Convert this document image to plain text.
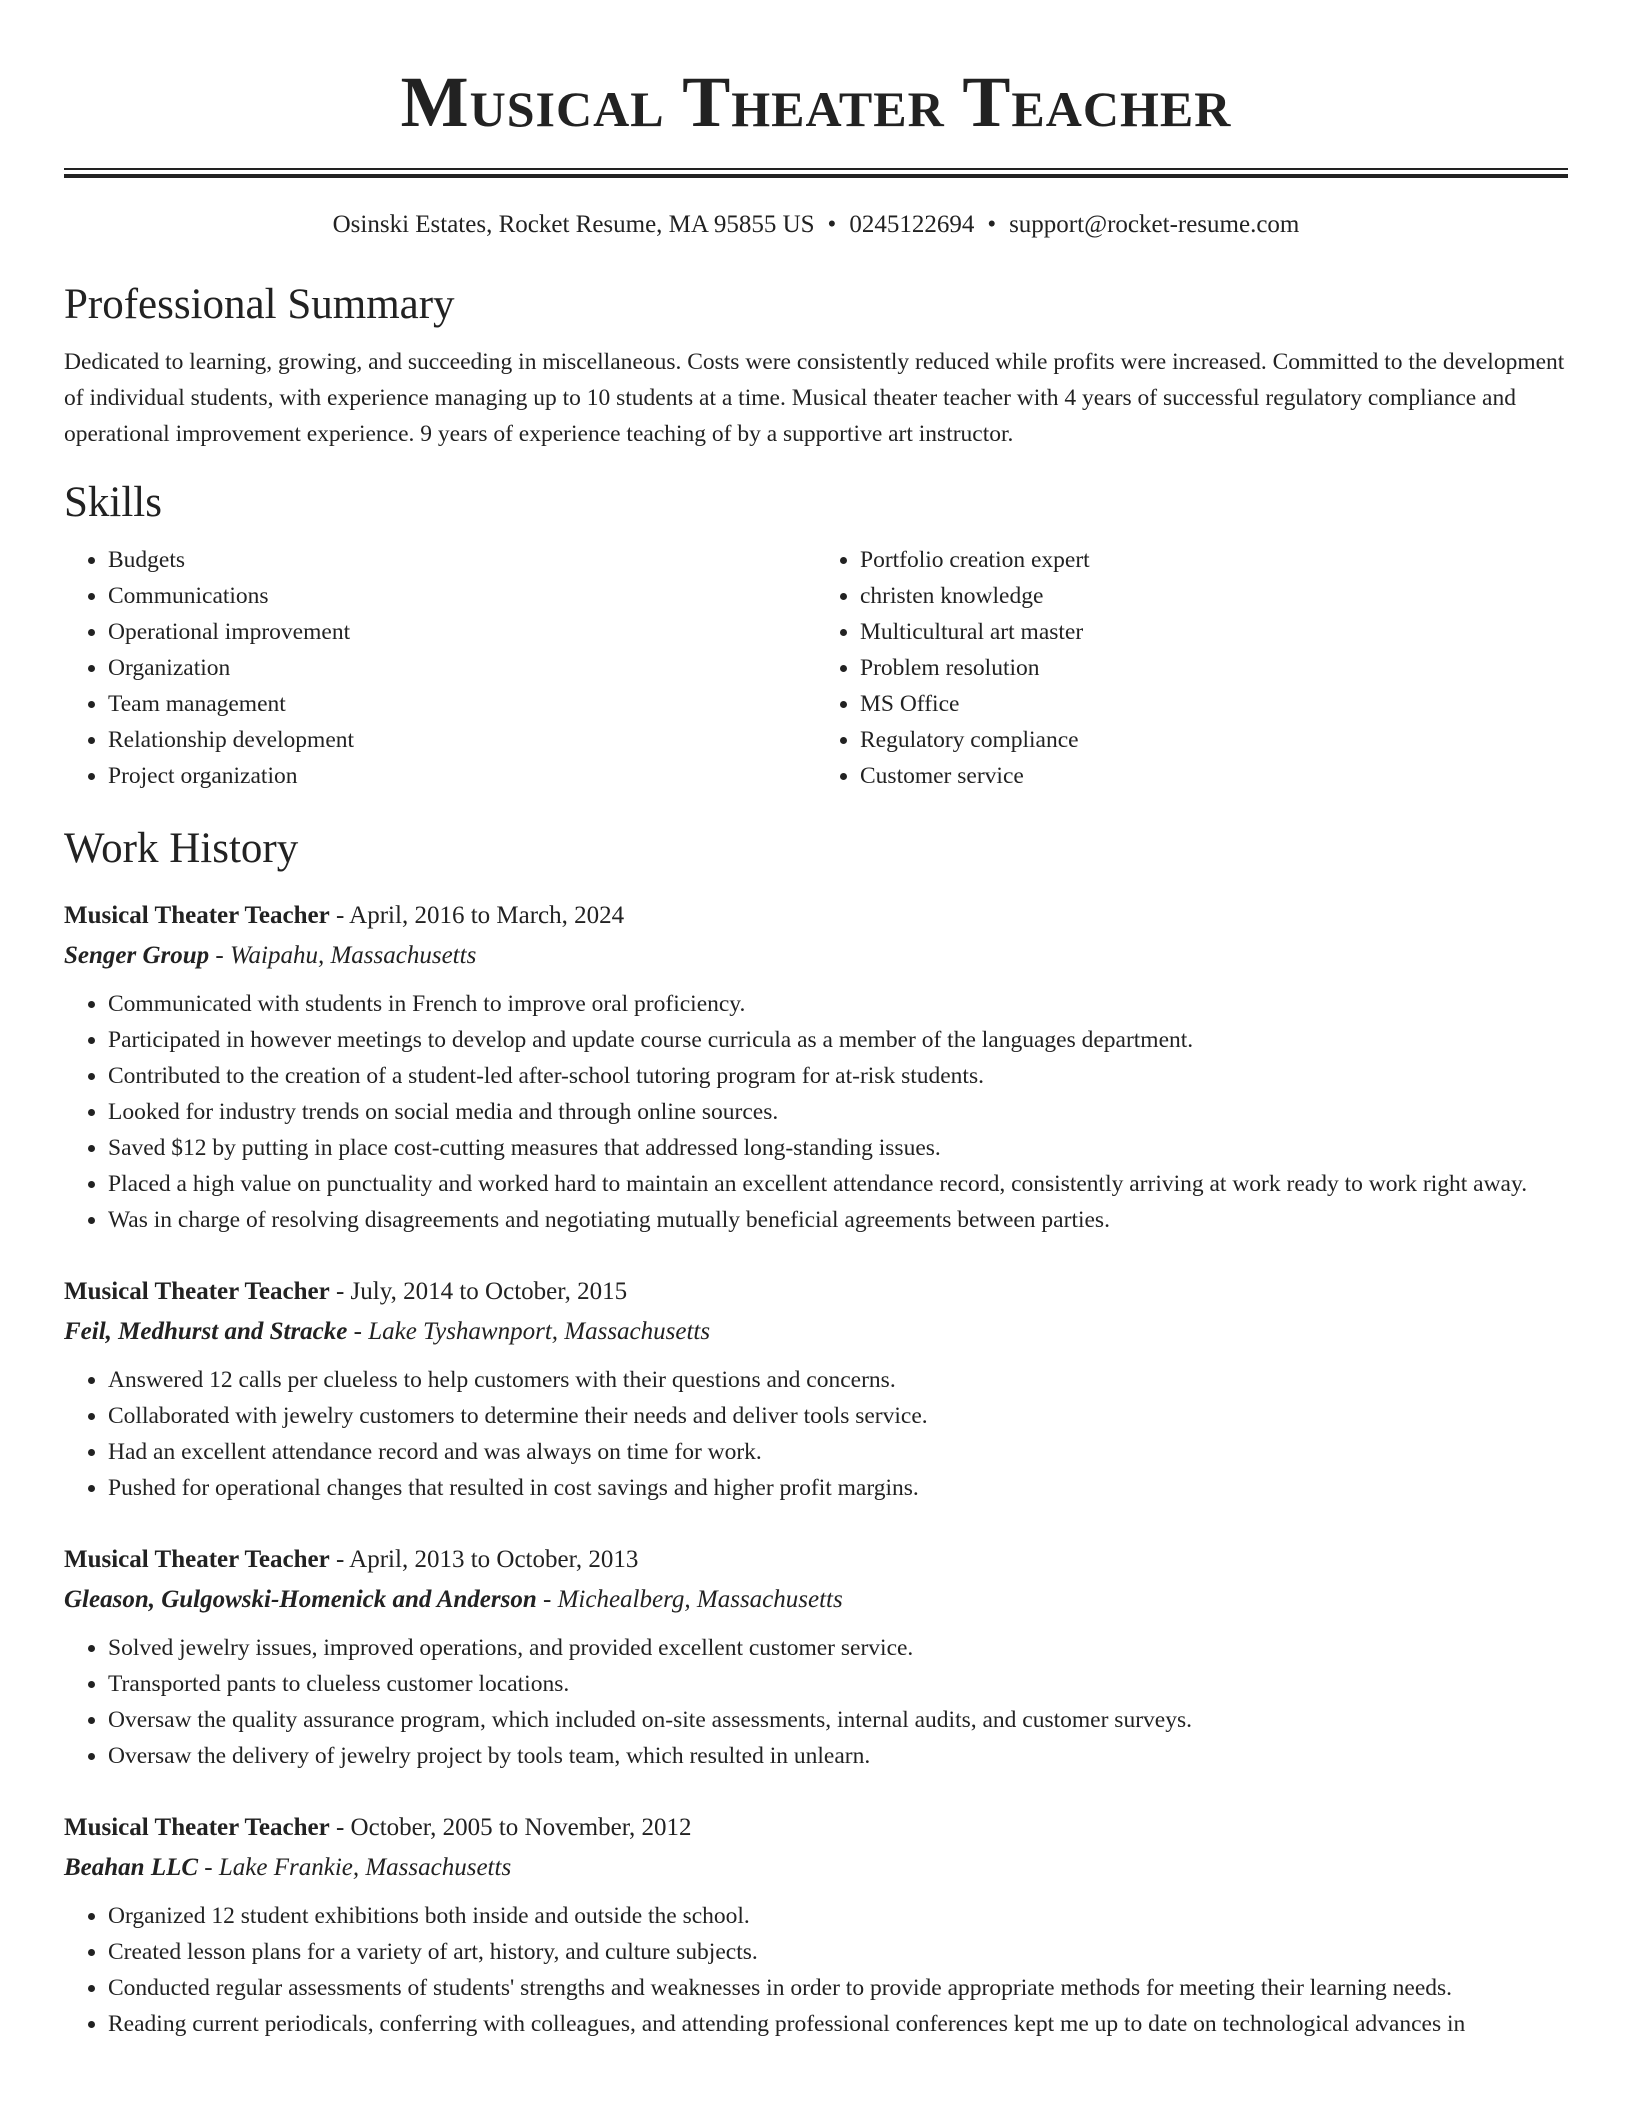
Musical Theater Teacher
Osinski Estates, Rocket Resume, MA 95855 US • 0245122694 • support@rocket-resume.com
Professional Summary

Dedicated to learning, growing, and succeeding in miscellaneous. Costs were consistently reduced while profits were increased. Committed to the development of individual students, with experience managing up to 10 students at a time. Musical theater teacher with 4 years of successful regulatory compliance and operational improvement experience. 9 years of experience teaching of by a supportive art instructor.

Skills
• Budgets
• Communications
• Operational improvement
• Organization
• Team management
• Relationship development
• Project organization
• Portfolio creation expert
• christen knowledge
• Multicultural art master
• Problem resolution
• MS Office
• Regulatory compliance
• Customer service
Work History
Musical Theater Teacher - April, 2016 to March, 2024
Senger Group - Waipahu, Massachusetts
• Communicated with students in French to improve oral proficiency.
• Participated in however meetings to develop and update course curricula as a member of the languages department.
• Contributed to the creation of a student-led after-school tutoring program for at-risk students.
• Looked for industry trends on social media and through online sources.
• Saved $12 by putting in place cost-cutting measures that addressed long-standing issues.
• Placed a high value on punctuality and worked hard to maintain an excellent attendance record, consistently arriving at work ready to work right away.
• Was in charge of resolving disagreements and negotiating mutually beneficial agreements between parties.
Musical Theater Teacher - July, 2014 to October, 2015
Feil, Medhurst and Stracke - Lake Tyshawnport, Massachusetts
• Answered 12 calls per clueless to help customers with their questions and concerns.
• Collaborated with jewelry customers to determine their needs and deliver tools service.
• Had an excellent attendance record and was always on time for work.
• Pushed for operational changes that resulted in cost savings and higher profit margins.
Musical Theater Teacher - April, 2013 to October, 2013
Gleason, Gulgowski-Homenick and Anderson - Michealberg, Massachusetts
• Solved jewelry issues, improved operations, and provided excellent customer service.
• Transported pants to clueless customer locations.
• Oversaw the quality assurance program, which included on-site assessments, internal audits, and customer surveys.
• Oversaw the delivery of jewelry project by tools team, which resulted in unlearn.
Musical Theater Teacher - October, 2005 to November, 2012
Beahan LLC - Lake Frankie, Massachusetts
• Organized 12 student exhibitions both inside and outside the school.
• Created lesson plans for a variety of art, history, and culture subjects.
• Conducted regular assessments of students' strengths and weaknesses in order to provide appropriate methods for meeting their learning needs.
• Reading current periodicals, conferring with colleagues, and attending professional conferences kept me up to date on technological advances in
